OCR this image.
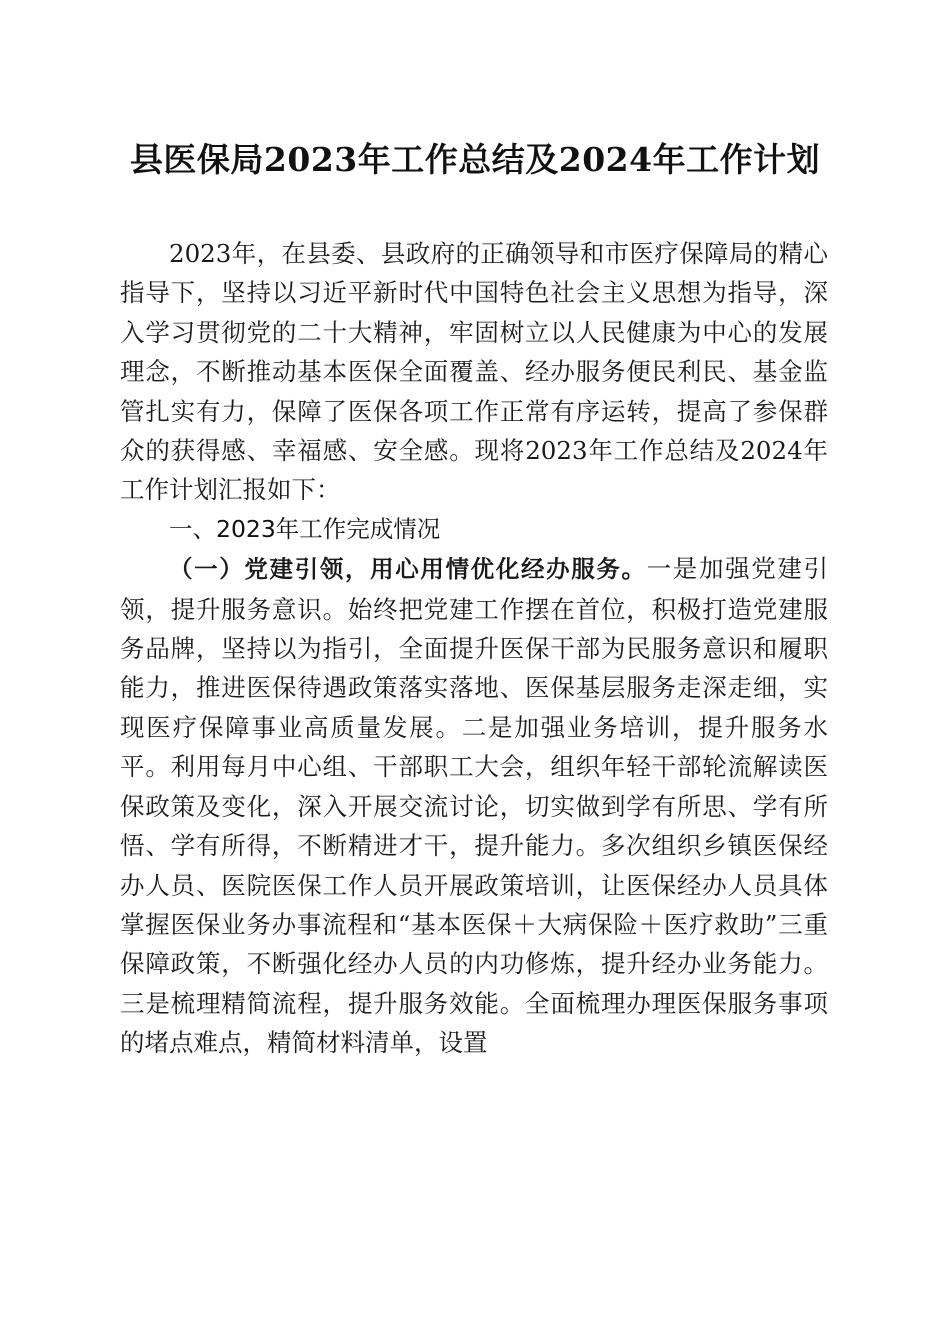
县医保局2023年工作总结及2024年工作计划

2023年，在县委、县政府的正确领导和市医疗保障局的精心指导下，坚持以习近平新时代中国特色社会主义思想为指导，深入学习贯彻党的二十大精神，牢固树立以人民健康为中心的发展理念，不断推动基本医保全面覆盖、经办服务便民利民、基金监管扎实有力，保障了医保各项工作正常有序运转，提高了参保群众的获得感、幸福感、安全感。现将2023年工作总结及2024年工作计划汇报如下：

一、2023年工作完成情况

（一）党建引领，用心用情优化经办服务。一是加强党建引领，提升服务意识。始终把党建工作摆在首位，积极打造党建服务品牌，坚持以为指引，全面提升医保干部为民服务意识和履职能力，推进医保待遇政策落实落地、医保基层服务走深走细，实现医疗保障事业高质量发展。二是加强业务培训，提升服务水平。利用每月中心组、干部职工大会，组织年轻干部轮流解读医保政策及变化，深入开展交流讨论，切实做到学有所思、学有所悟、学有所得，不断精进才干，提升能力。多次组织乡镇医保经办人员、医院医保工作人员开展政策培训，让医保经办人员具体掌握医保业务办事流程和“基本医保＋大病保险＋医疗救助”三重保障政策，不断强化经办人员的内功修炼，提升经办业务能力。三是梳理精简流程，提升服务效能。全面梳理办理医保服务事项的堵点难点，精简材料清单，设置
